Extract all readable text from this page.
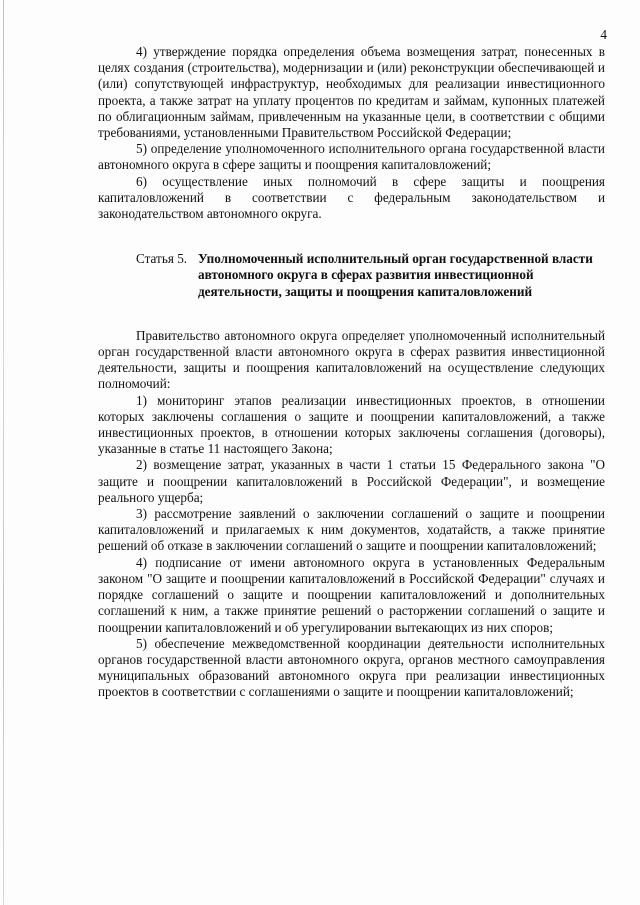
4

4) утверждение порядка определения объема возмещения затрат, понесенных в целях создания (строительства), модернизации и (или) реконструкции обеспечивающей и (или) сопутствующей инфраструктур, необходимых для реализации инвестиционного проекта, а также затрат на уплату процентов по кредитам и займам, купонных платежей по облигационным займам, привлеченным на указанные цели, в соответствии с общими требованиями, установленными Правительством Российской Федерации;

5) определение уполномоченного исполнительного органа государственной власти автономного округа в сфере защиты и поощрения капиталовложений;

6) осуществление иных полномочий в сфере защиты и поощрения капиталовложений в соответствии с федеральным законодательством и законодательством автономного округа.

Статья 5. Уполномоченный исполнительный орган государственной власти автономного округа в сферах развития инвестиционной деятельности, защиты и поощрения капиталовложений

Правительство автономного округа определяет уполномоченный исполнительный орган государственной власти автономного округа в сферах развития инвестиционной деятельности, защиты и поощрения капиталовложений на осуществление следующих полномочий:

1) мониторинг этапов реализации инвестиционных проектов, в отношении которых заключены соглашения о защите и поощрении капиталовложений, а также инвестиционных проектов, в отношении которых заключены соглашения (договоры), указанные в статье 11 настоящего Закона;

2) возмещение затрат, указанных в части 1 статьи 15 Федерального закона "О защите и поощрении капиталовложений в Российской Федерации", и возмещение реального ущерба;

3) рассмотрение заявлений о заключении соглашений о защите и поощрении капиталовложений и прилагаемых к ним документов, ходатайств, а также принятие решений об отказе в заключении соглашений о защите и поощрении капиталовложений;

4) подписание от имени автономного округа в установленных Федеральным законом "О защите и поощрении капиталовложений в Российской Федерации" случаях и порядке соглашений о защите и поощрении капиталовложений и дополнительных соглашений к ним, а также принятие решений о расторжении соглашений о защите и поощрении капиталовложений и об урегулировании вытекающих из них споров;

5) обеспечение межведомственной координации деятельности исполнительных органов государственной власти автономного округа, органов местного самоуправления муниципальных образований автономного округа при реализации инвестиционных проектов в соответствии с соглашениями о защите и поощрении капиталовложений;
